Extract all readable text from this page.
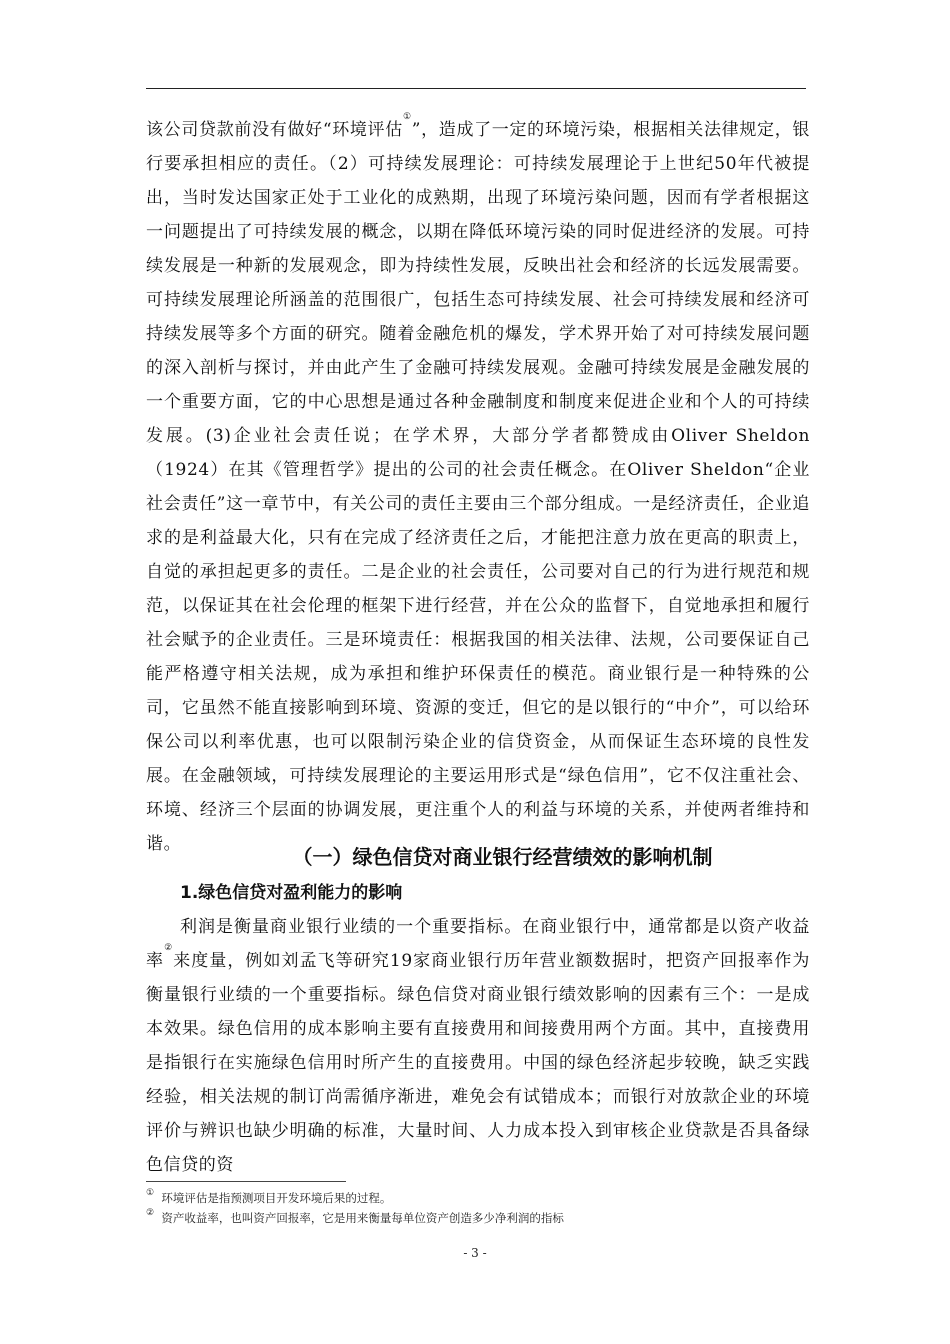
该公司贷款前没有做好“环境评估①”，造成了一定的环境污染，根据相关法律规定，银行要承担相应的责任。（2）可持续发展理论：可持续发展理论于上世纪50年代被提出，当时发达国家正处于工业化的成熟期，出现了环境污染问题，因而有学者根据这一问题提出了可持续发展的概念，以期在降低环境污染的同时促进经济的发展。可持续发展是一种新的发展观念，即为持续性发展，反映出社会和经济的长远发展需要。可持续发展理论所涵盖的范围很广，包括生态可持续发展、社会可持续发展和经济可持续发展等多个方面的研究。随着金融危机的爆发，学术界开始了对可持续发展问题的深入剖析与探讨，并由此产生了金融可持续发展观。金融可持续发展是金融发展的一个重要方面，它的中心思想是通过各种金融制度和制度来促进企业和个人的可持续发展。(3)企业社会责任说；在学术界，大部分学者都赞成由Oliver Sheldon（1924）在其《管理哲学》提出的公司的社会责任概念。在Oliver Sheldon“企业社会责任”这一章节中，有关公司的责任主要由三个部分组成。一是经济责任，企业追求的是利益最大化，只有在完成了经济责任之后，才能把注意力放在更高的职责上，自觉的承担起更多的责任。二是企业的社会责任，公司要对自己的行为进行规范和规范，以保证其在社会伦理的框架下进行经营，并在公众的监督下，自觉地承担和履行社会赋予的企业责任。三是环境责任：根据我国的相关法律、法规，公司要保证自己能严格遵守相关法规，成为承担和维护环保责任的模范。商业银行是一种特殊的公司，它虽然不能直接影响到环境、资源的变迁，但它的是以银行的“中介”，可以给环保公司以利率优惠，也可以限制污染企业的信贷资金，从而保证生态环境的良性发展。在金融领域，可持续发展理论的主要运用形式是“绿色信用”，它不仅注重社会、环境、经济三个层面的协调发展，更注重个人的利益与环境的关系，并使两者维持和谐。
（一）绿色信贷对商业银行经营绩效的影响机制
1.绿色信贷对盈利能力的影响
利润是衡量商业银行业绩的一个重要指标。在商业银行中，通常都是以资产收益率②来度量，例如刘孟飞等研究19家商业银行历年营业额数据时，把资产回报率作为衡量银行业绩的一个重要指标。绿色信贷对商业银行绩效影响的因素有三个：一是成本效果。绿色信用的成本影响主要有直接费用和间接费用两个方面。其中，直接费用是指银行在实施绿色信用时所产生的直接费用。中国的绿色经济起步较晚，缺乏实践经验，相关法规的制订尚需循序渐进，难免会有试错成本；而银行对放款企业的环境评价与辨识也缺少明确的标准，大量时间、人力成本投入到审核企业贷款是否具备绿色信贷的资
① 环境评估是指预测项目开发环境后果的过程。
② 资产收益率，也叫资产回报率，它是用来衡量每单位资产创造多少净利润的指标
- 3 -
